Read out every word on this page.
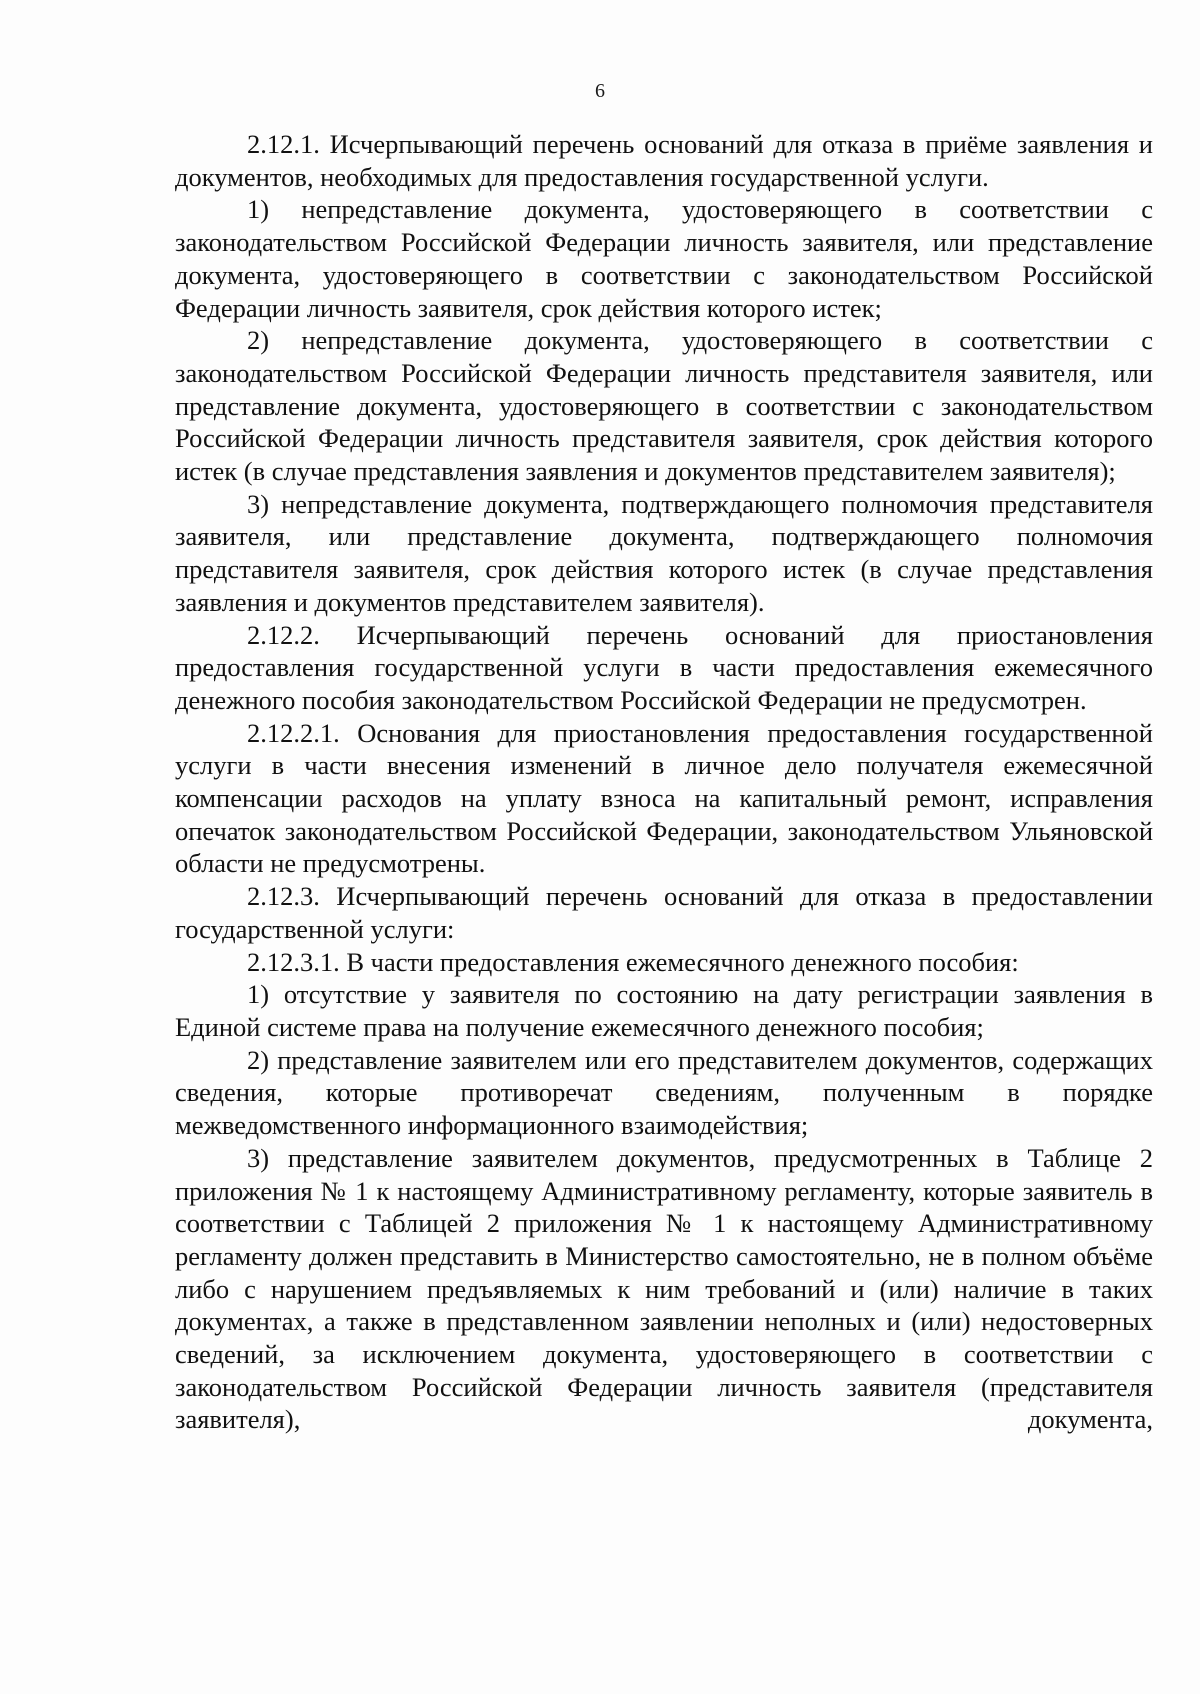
6

2.12.1. Исчерпывающий перечень оснований для отказа в приёме заявления и документов, необходимых для предоставления государственной услуги.

1) непредставление документа, удостоверяющего в соответствии с законодательством Российской Федерации личность заявителя, или представление документа, удостоверяющего в соответствии с законодательством Российской Федерации личность заявителя, срок действия которого истек;

2) непредставление документа, удостоверяющего в соответствии с законодательством Российской Федерации личность представителя заявителя, или представление документа, удостоверяющего в соответствии с законодательством Российской Федерации личность представителя заявителя, срок действия которого истек (в случае представления заявления и документов представителем заявителя);

3) непредставление документа, подтверждающего полномочия представителя заявителя, или представление документа, подтверждающего полномочия представителя заявителя, срок действия которого истек (в случае представления заявления и документов представителем заявителя).

2.12.2. Исчерпывающий перечень оснований для приостановления предоставления государственной услуги в части предоставления ежемесячного денежного пособия законодательством Российской Федерации не предусмотрен.

2.12.2.1. Основания для приостановления предоставления государственной услуги в части внесения изменений в личное дело получателя ежемесячной компенсации расходов на уплату взноса на капитальный ремонт, исправления опечаток законодательством Российской Федерации, законодательством Ульяновской области не предусмотрены.

2.12.3. Исчерпывающий перечень оснований для отказа в предоставлении государственной услуги:

2.12.3.1. В части предоставления ежемесячного денежного пособия:

1) отсутствие у заявителя по состоянию на дату регистрации заявления в Единой системе права на получение ежемесячного денежного пособия;

2) представление заявителем или его представителем документов, содержащих сведения, которые противоречат сведениям, полученным в порядке межведомственного информационного взаимодействия;

3) представление заявителем документов, предусмотренных в Таблице 2 приложения № 1 к настоящему Административному регламенту, которые заявитель в соответствии с Таблицей 2 приложения № 1 к настоящему Административному регламенту должен представить в Министерство самостоятельно, не в полном объёме либо с нарушением предъявляемых к ним требований и (или) наличие в таких документах, а также в представленном заявлении неполных и (или) недостоверных сведений, за исключением документа, удостоверяющего в соответствии с законодательством Российской Федерации личность заявителя (представителя заявителя), документа,
